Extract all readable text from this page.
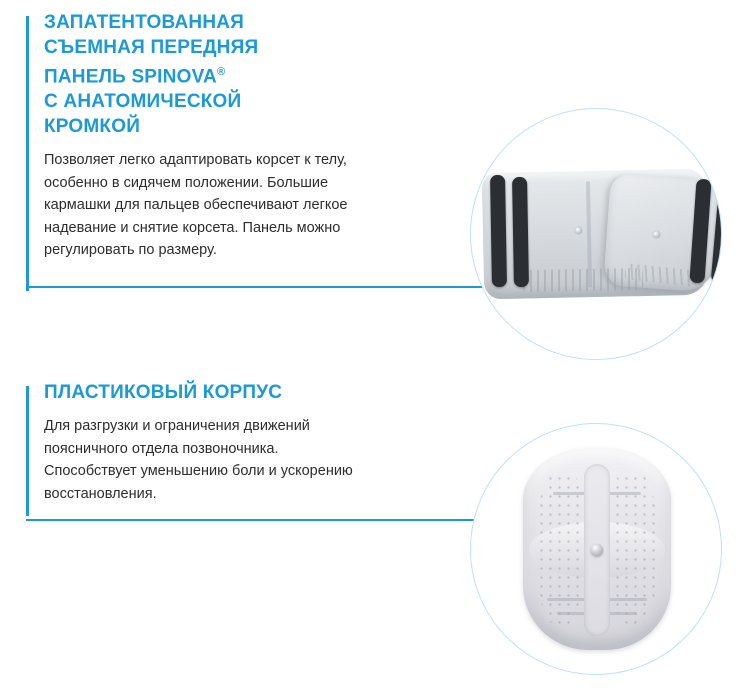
ЗАПАТЕНТОВАННАЯ
СЪЕМНАЯ ПЕРЕДНЯЯ
ПАНЕЛЬ SPINOVA®
С АНАТОМИЧЕСКОЙ
КРОМКОЙ

Позволяет легко адаптировать корсет к телу, особенно в сидячем положении. Большие кармашки для пальцев обеспечивают легкое надевание и снятие корсета. Панель можно регулировать по размеру.

ПЛАСТИКОВЫЙ КОРПУС

Для разгрузки и ограничения движений поясничного отдела позвоночника. Способствует уменьшению боли и ускорению восстановления.
